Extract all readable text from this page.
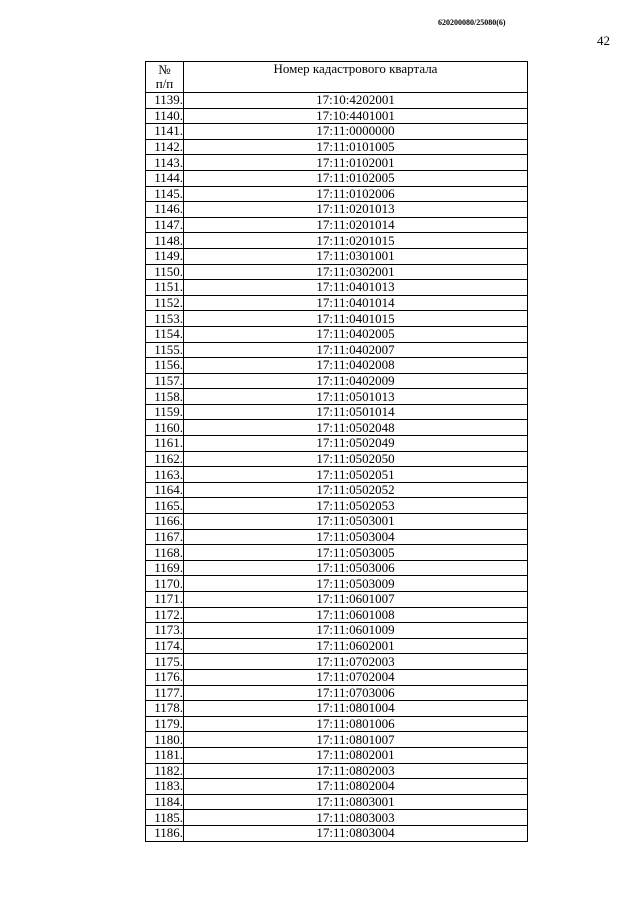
620200080/25080(6)
42
№
п/п	Номер кадастрового квартала
1139.	17:10:4202001
1140.	17:10:4401001
1141.	17:11:0000000
1142.	17:11:0101005
1143.	17:11:0102001
1144.	17:11:0102005
1145.	17:11:0102006
1146.	17:11:0201013
1147.	17:11:0201014
1148.	17:11:0201015
1149.	17:11:0301001
1150.	17:11:0302001
1151.	17:11:0401013
1152.	17:11:0401014
1153.	17:11:0401015
1154.	17:11:0402005
1155.	17:11:0402007
1156.	17:11:0402008
1157.	17:11:0402009
1158.	17:11:0501013
1159.	17:11:0501014
1160.	17:11:0502048
1161.	17:11:0502049
1162.	17:11:0502050
1163.	17:11:0502051
1164.	17:11:0502052
1165.	17:11:0502053
1166.	17:11:0503001
1167.	17:11:0503004
1168.	17:11:0503005
1169.	17:11:0503006
1170.	17:11:0503009
1171.	17:11:0601007
1172.	17:11:0601008
1173.	17:11:0601009
1174.	17:11:0602001
1175.	17:11:0702003
1176.	17:11:0702004
1177.	17:11:0703006
1178.	17:11:0801004
1179.	17:11:0801006
1180.	17:11:0801007
1181.	17:11:0802001
1182.	17:11:0802003
1183.	17:11:0802004
1184.	17:11:0803001
1185.	17:11:0803003
1186.	17:11:0803004
